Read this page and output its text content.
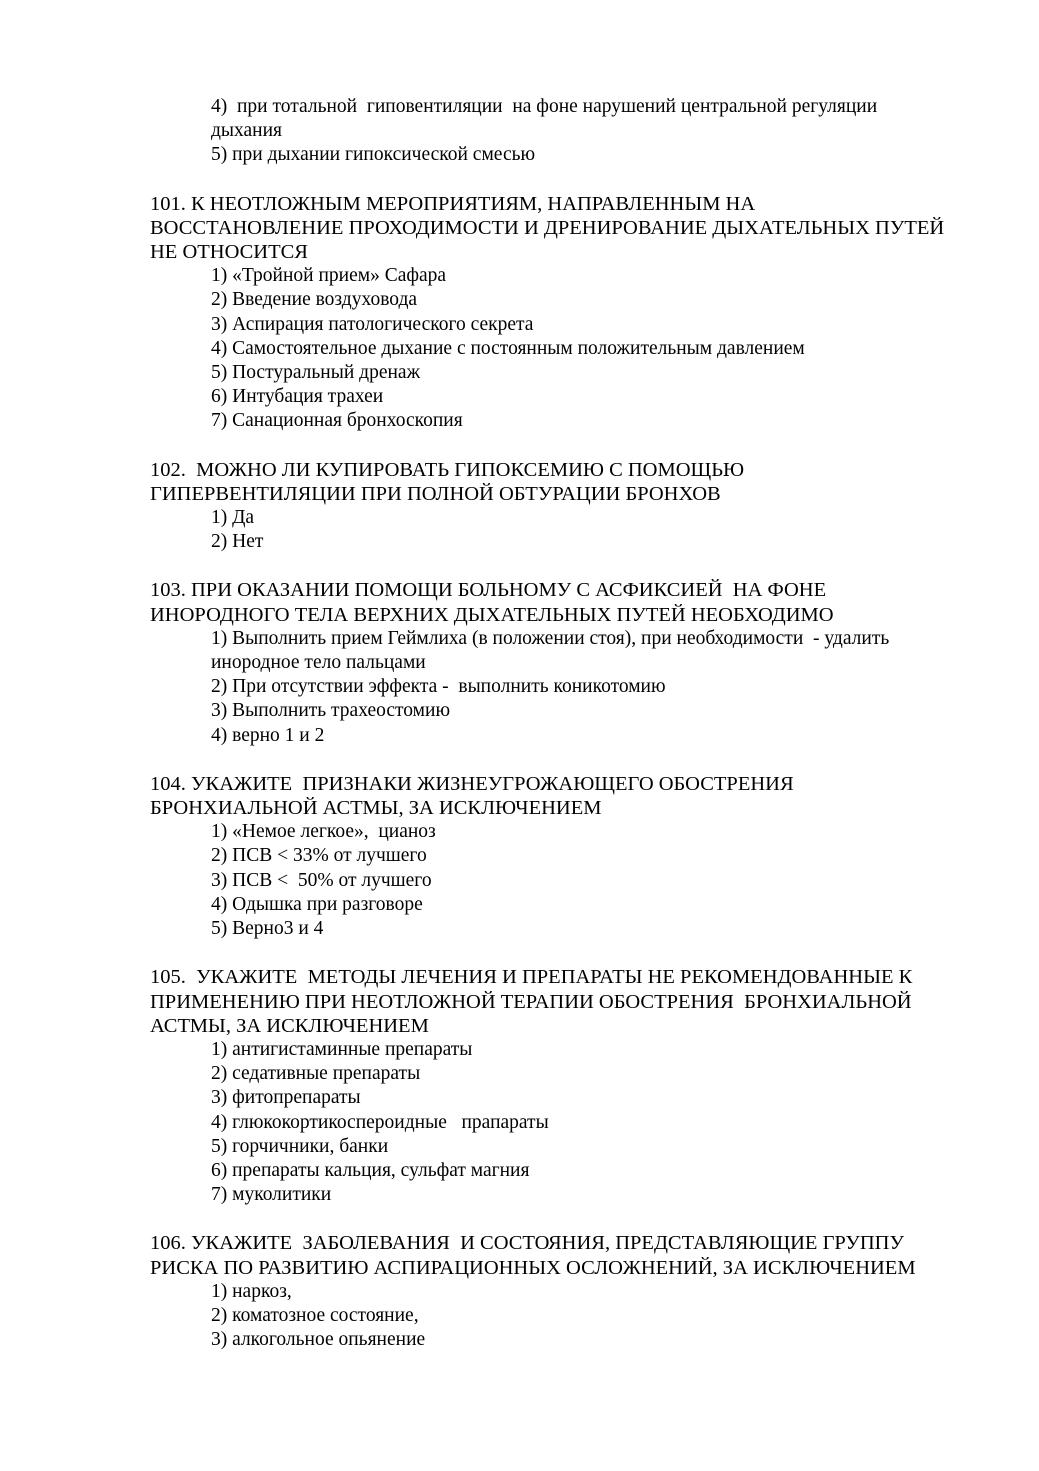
4)  при тотальной  гиповентиляции  на фоне нарушений центральной регуляции
дыхания
5) при дыхании гипоксической смесью
101. К НЕОТЛОЖНЫМ МЕРОПРИЯТИЯМ, НАПРАВЛЕННЫМ НА
ВОССТАНОВЛЕНИЕ ПРОХОДИМОСТИ И ДРЕНИРОВАНИЕ ДЫХАТЕЛЬНЫХ ПУТЕЙ
НЕ ОТНОСИТСЯ
1) «Тройной прием» Сафара
2) Введение воздуховода
3) Аспирация патологического секрета
4) Самостоятельное дыхание с постоянным положительным давлением
5) Постуральный дренаж
6) Интубация трахеи
7) Санационная бронхоскопия
102.  МОЖНО ЛИ КУПИРОВАТЬ ГИПОКСЕМИЮ С ПОМОЩЬЮ
ГИПЕРВЕНТИЛЯЦИИ ПРИ ПОЛНОЙ ОБТУРАЦИИ БРОНХОВ
1) Да
2) Нет
103. ПРИ ОКАЗАНИИ ПОМОЩИ БОЛЬНОМУ С АСФИКСИЕЙ  НА ФОНЕ
ИНОРОДНОГО ТЕЛА ВЕРХНИХ ДЫХАТЕЛЬНЫХ ПУТЕЙ НЕОБХОДИМО
1) Выполнить прием Геймлиха (в положении стоя), при необходимости  - удалить
инородное тело пальцами
2) При отсутствии эффекта -  выполнить коникотомию
3) Выполнить трахеостомию
4) верно 1 и 2
104. УКАЖИТЕ  ПРИЗНАКИ ЖИЗНЕУГРОЖАЮЩЕГО ОБОСТРЕНИЯ
БРОНХИАЛЬНОЙ АСТМЫ, ЗА ИСКЛЮЧЕНИЕМ
1) «Немое легкое»,  цианоз
2) ПСВ < 33% от лучшего
3) ПСВ <  50% от лучшего
4) Одышка при разговоре
5) Верно3 и 4
105.  УКАЖИТЕ  МЕТОДЫ ЛЕЧЕНИЯ И ПРЕПАРАТЫ НЕ РЕКОМЕНДОВАННЫЕ К
ПРИМЕНЕНИЮ ПРИ НЕОТЛОЖНОЙ ТЕРАПИИ ОБОСТРЕНИЯ  БРОНХИАЛЬНОЙ
АСТМЫ, ЗА ИСКЛЮЧЕНИЕМ
1) антигистаминные препараты
2) седативные препараты
3) фитопрепараты
4) глюкокортикоспероидные   прапараты
5) горчичники, банки
6) препараты кальция, сульфат магния
7) муколитики
106. УКАЖИТЕ  ЗАБОЛЕВАНИЯ  И СОСТОЯНИЯ, ПРЕДСТАВЛЯЮЩИЕ ГРУППУ
РИСКА ПО РАЗВИТИЮ АСПИРАЦИОННЫХ ОСЛОЖНЕНИЙ, ЗА ИСКЛЮЧЕНИЕМ
1) наркоз,
2) коматозное состояние,
3) алкогольное опьянение
